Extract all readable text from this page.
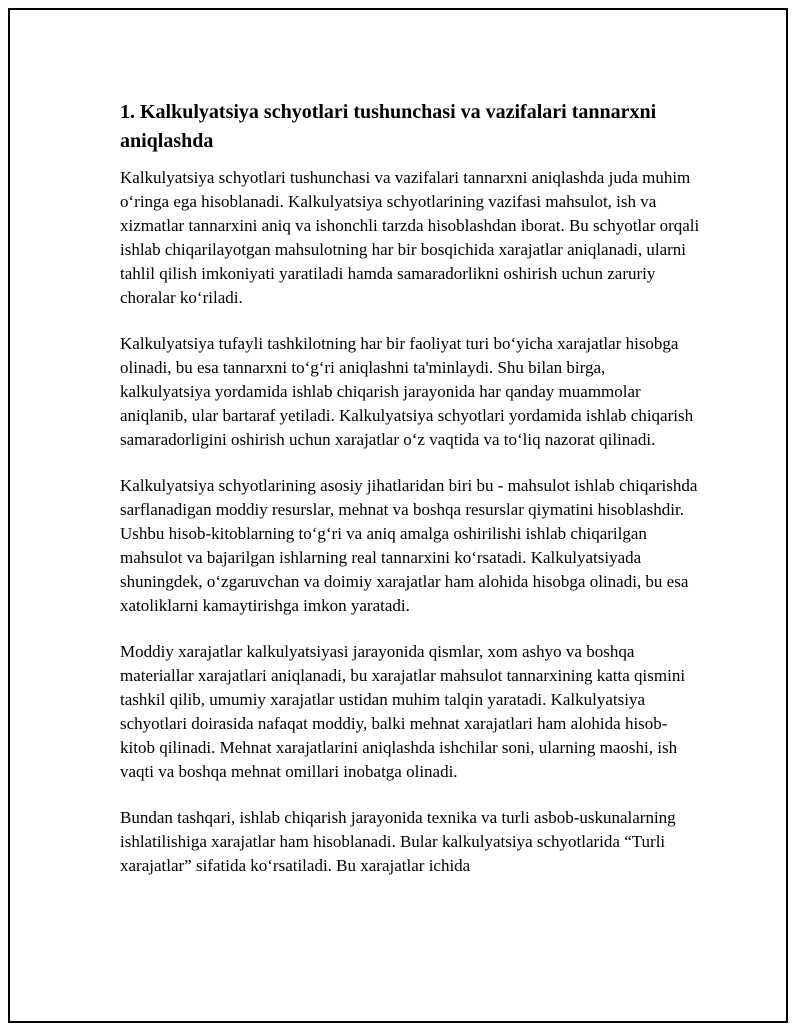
1. Kalkulyatsiya schyotlari tushunchasi va vazifalari tannarxni aniqlashda

Kalkulyatsiya schyotlari tushunchasi va vazifalari tannarxni aniqlashda juda muhim o‘ringa ega hisoblanadi. Kalkulyatsiya schyotlarining vazifasi mahsulot, ish va xizmatlar tannarxini aniq va ishonchli tarzda hisoblashdan iborat. Bu schyotlar orqali ishlab chiqarilayotgan mahsulotning har bir bosqichida xarajatlar aniqlanadi, ularni tahlil qilish imkoniyati yaratiladi hamda samaradorlikni oshirish uchun zaruriy choralar ko‘riladi.

Kalkulyatsiya tufayli tashkilotning har bir faoliyat turi bo‘yicha xarajatlar hisobga olinadi, bu esa tannarxni to‘g‘ri aniqlashni ta'minlaydi. Shu bilan birga, kalkulyatsiya yordamida ishlab chiqarish jarayonida har qanday muammolar aniqlanib, ular bartaraf yetiladi. Kalkulyatsiya schyotlari yordamida ishlab chiqarish samaradorligini oshirish uchun xarajatlar o‘z vaqtida va to‘liq nazorat qilinadi.

Kalkulyatsiya schyotlarining asosiy jihatlaridan biri bu - mahsulot ishlab chiqarishda sarflanadigan moddiy resurslar, mehnat va boshqa resurslar qiymatini hisoblashdir. Ushbu hisob-kitoblarning to‘g‘ri va aniq amalga oshirilishi ishlab chiqarilgan mahsulot va bajarilgan ishlarning real tannarxini ko‘rsatadi. Kalkulyatsiyada shuningdek, o‘zgaruvchan va doimiy xarajatlar ham alohida hisobga olinadi, bu esa xatoliklarni kamaytirishga imkon yaratadi.

Moddiy xarajatlar kalkulyatsiyasi jarayonida qismlar, xom ashyo va boshqa materiallar xarajatlari aniqlanadi, bu xarajatlar mahsulot tannarxining katta qismini tashkil qilib, umumiy xarajatlar ustidan muhim talqin yaratadi. Kalkulyatsiya schyotlari doirasida nafaqat moddiy, balki mehnat xarajatlari ham alohida hisob-kitob qilinadi. Mehnat xarajatlarini aniqlashda ishchilar soni, ularning maoshi, ish vaqti va boshqa mehnat omillari inobatga olinadi.

Bundan tashqari, ishlab chiqarish jarayonida texnika va turli asbob-uskunalarning ishlatilishiga xarajatlar ham hisoblanadi. Bular kalkulyatsiya schyotlarida “Turli xarajatlar” sifatida ko‘rsatiladi. Bu xarajatlar ichida
